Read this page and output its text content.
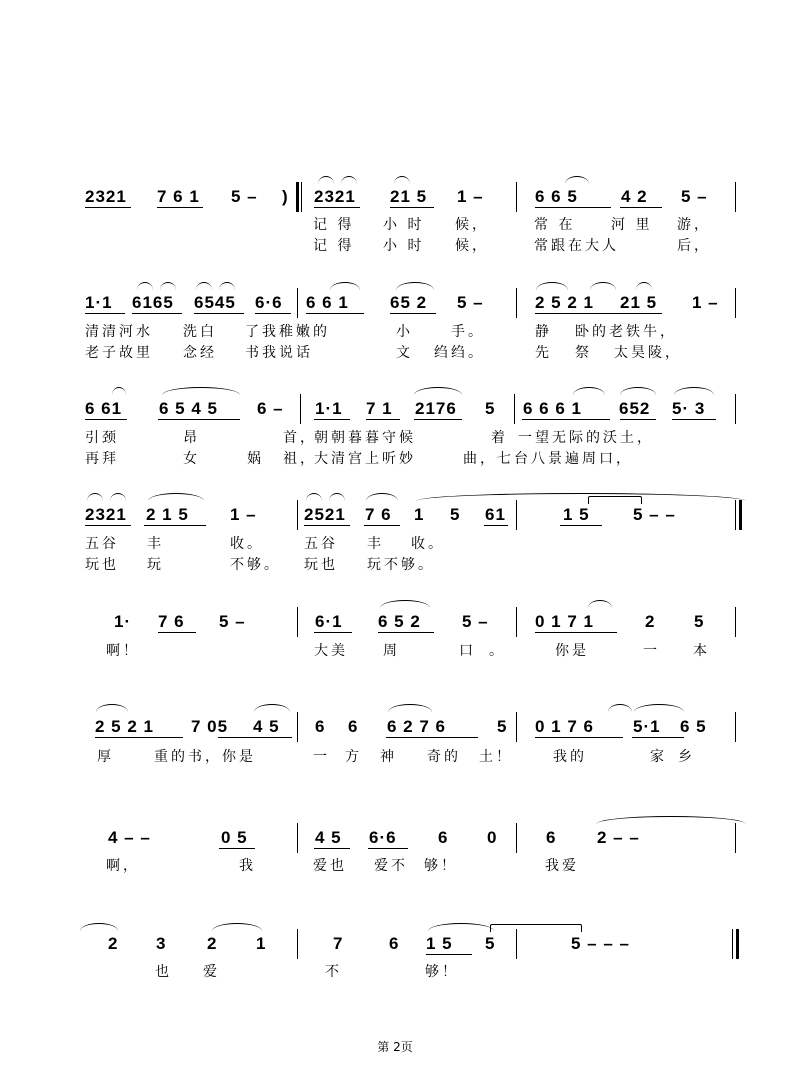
2321 7 6 1 5 – ) 2321 21 5 1 –	6 6 5	4 2 5 –
记 得 小 时 候，	常 在	河 里 游，
记 得 小 时 候，	常跟在大人	后，
1·1 6165 6545 6·6 6 6 1 65 2 5 –	2 5 2 1 21 5 1 –
清清河水 洗白 了我稚嫩的	小	手。	静 卧的老铁牛，
老子故里 念经 书我说话	文 绉绉。	先 祭 太昊陵，
6 61 6 5 4 5 6 – 1·1 7 1 2176 5 6 6 6 1 652 5· 3
引颈	昂	首，
朝朝暮暮守候	着 一望无际的沃土，
再拜	女	娲 祖，
大清宫上听妙	曲，七台八景遍周口，
2321 2 1 5 1 –	2521 7 6 1 5 61	1 5	5 – –
五谷 丰	收。	五谷 丰 收。
玩也 玩	不够。 玩也 玩不够。
1· 7 6 5 –	6·1 6 5 2 5 –	0 1 7 1	2 5
啊！	大美	周	口 。	你是	一 本
2 5 2 1 7 05 4 5 6 6 6 2 7 6	5 0 1 7 6 5·1 6 5
厚	重的书，你是	一 方 神 奇的 土！	我的	家 乡
4 – –	0 5	4 5 6·6 6 0	6 2 – –
啊，	我	爱也 爱不 够！	我爱
2 3 2 1	7	6 1 5 5	5 – – –
也 爱	不	够！
第 2页
